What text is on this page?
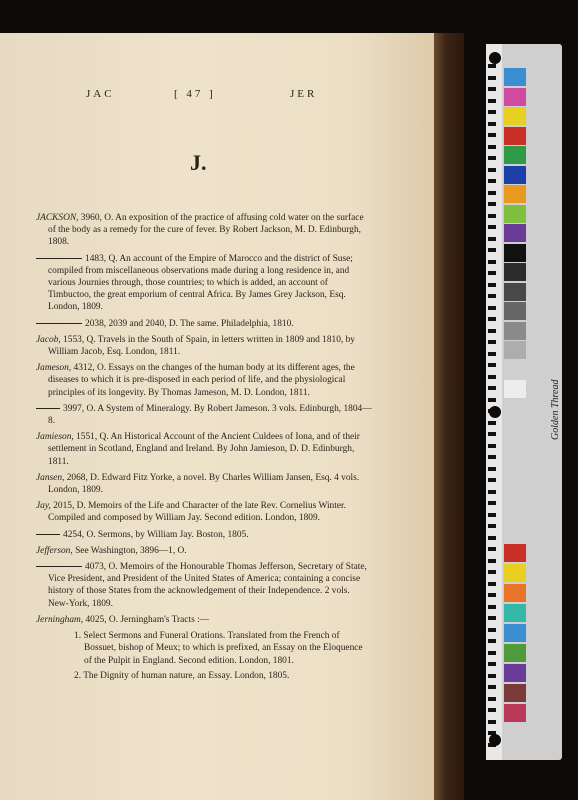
JAC	[ 47 ]	JER
J.
JACKSON, 3960, O. An exposition of the practice of affusing cold water on the surface of the body as a remedy for the cure of fever. By Robert Jackson, M. D. Edinburgh, 1808.
1483, Q. An account of the Empire of Marocco and the district of Suse; compiled from miscellaneous observations made during a long residence in, and various Journies through, those countries; to which is added, an account of Timbuctoo, the great emporium of central Africa. By James Grey Jackson, Esq. London, 1809.
2038, 2039 and 2040, D. The same. Philadelphia, 1810.
Jacob, 1553, Q. Travels in the South of Spain, in letters written in 1809 and 1810, by William Jacob, Esq. London, 1811.
Jameson, 4312, O. Essays on the changes of the human body at its different ages, the diseases to which it is pre-disposed in each period of life, and the physiological principles of its longevity. By Thomas Jameson, M. D. London, 1811.
3997, O. A System of Mineralogy. By Robert Jameson. 3 vols. Edinburgh, 1804—8.
Jamieson, 1551, Q. An Historical Account of the Ancient Culdees of Iona, and of their settlement in Scotland, England and Ireland. By John Jamieson, D. D. Edinburgh, 1811.
Jansen, 2068, D. Edward Fitz Yorke, a novel. By Charles William Jansen, Esq. 4 vols. London, 1809.
Jay, 2015, D. Memoirs of the Life and Character of the late Rev. Cornelius Winter. Compiled and composed by William Jay. Second edition. London, 1809.
4254, O. Sermons, by William Jay. Boston, 1805.
Jefferson, See Washington, 3896—1, O.
4073, O. Memoirs of the Honourable Thomas Jefferson, Secretary of State, Vice President, and President of the United States of America; containing a concise history of those States from the acknowledgement of their Independence. 2 vols. New-York, 1809.
Jerningham, 4025, O. Jerningham's Tracts :—
1. Select Sermons and Funeral Orations. Translated from the French of Bossuet, bishop of Meux; to which is prefixed, an Essay on the Eloquence of the Pulpit in England. Second edition. London, 1801.
2. The Dignity of human nature, an Essay. London, 1805.
Golden Thread
